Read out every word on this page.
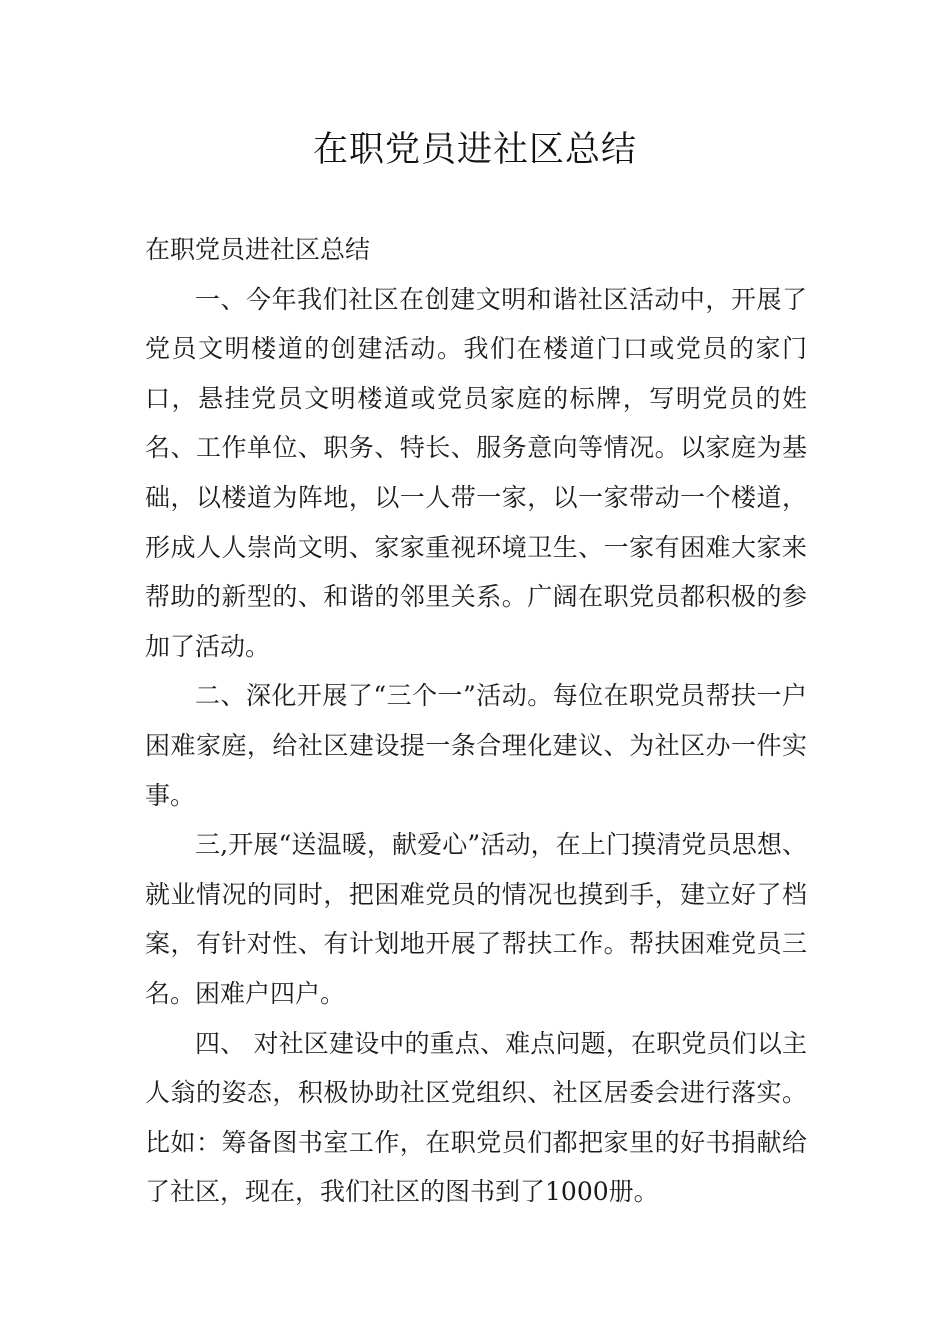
在职党员进社区总结

在职党员进社区总结

一、今年我们社区在创建文明和谐社区活动中，开展了党员文明楼道的创建活动。我们在楼道门口或党员的家门口，悬挂党员文明楼道或党员家庭的标牌，写明党员的姓名、工作单位、职务、特长、服务意向等情况。以家庭为基础，以楼道为阵地，以一人带一家，以一家带动一个楼道，形成人人崇尚文明、家家重视环境卫生、一家有困难大家来帮助的新型的、和谐的邻里关系。广阔在职党员都积极的参加了活动。

二、深化开展了“三个一”活动。每位在职党员帮扶一户困难家庭，给社区建设提一条合理化建议、为社区办一件实事。

三,开展“送温暖，献爱心”活动，在上门摸清党员思想、就业情况的同时，把困难党员的情况也摸到手，建立好了档案，有针对性、有计划地开展了帮扶工作。帮扶困难党员三名。困难户四户。

四、 对社区建设中的重点、难点问题，在职党员们以主人翁的姿态，积极协助社区党组织、社区居委会进行落实。比如：筹备图书室工作，在职党员们都把家里的好书捐献给了社区，现在，我们社区的图书到了1000册。
